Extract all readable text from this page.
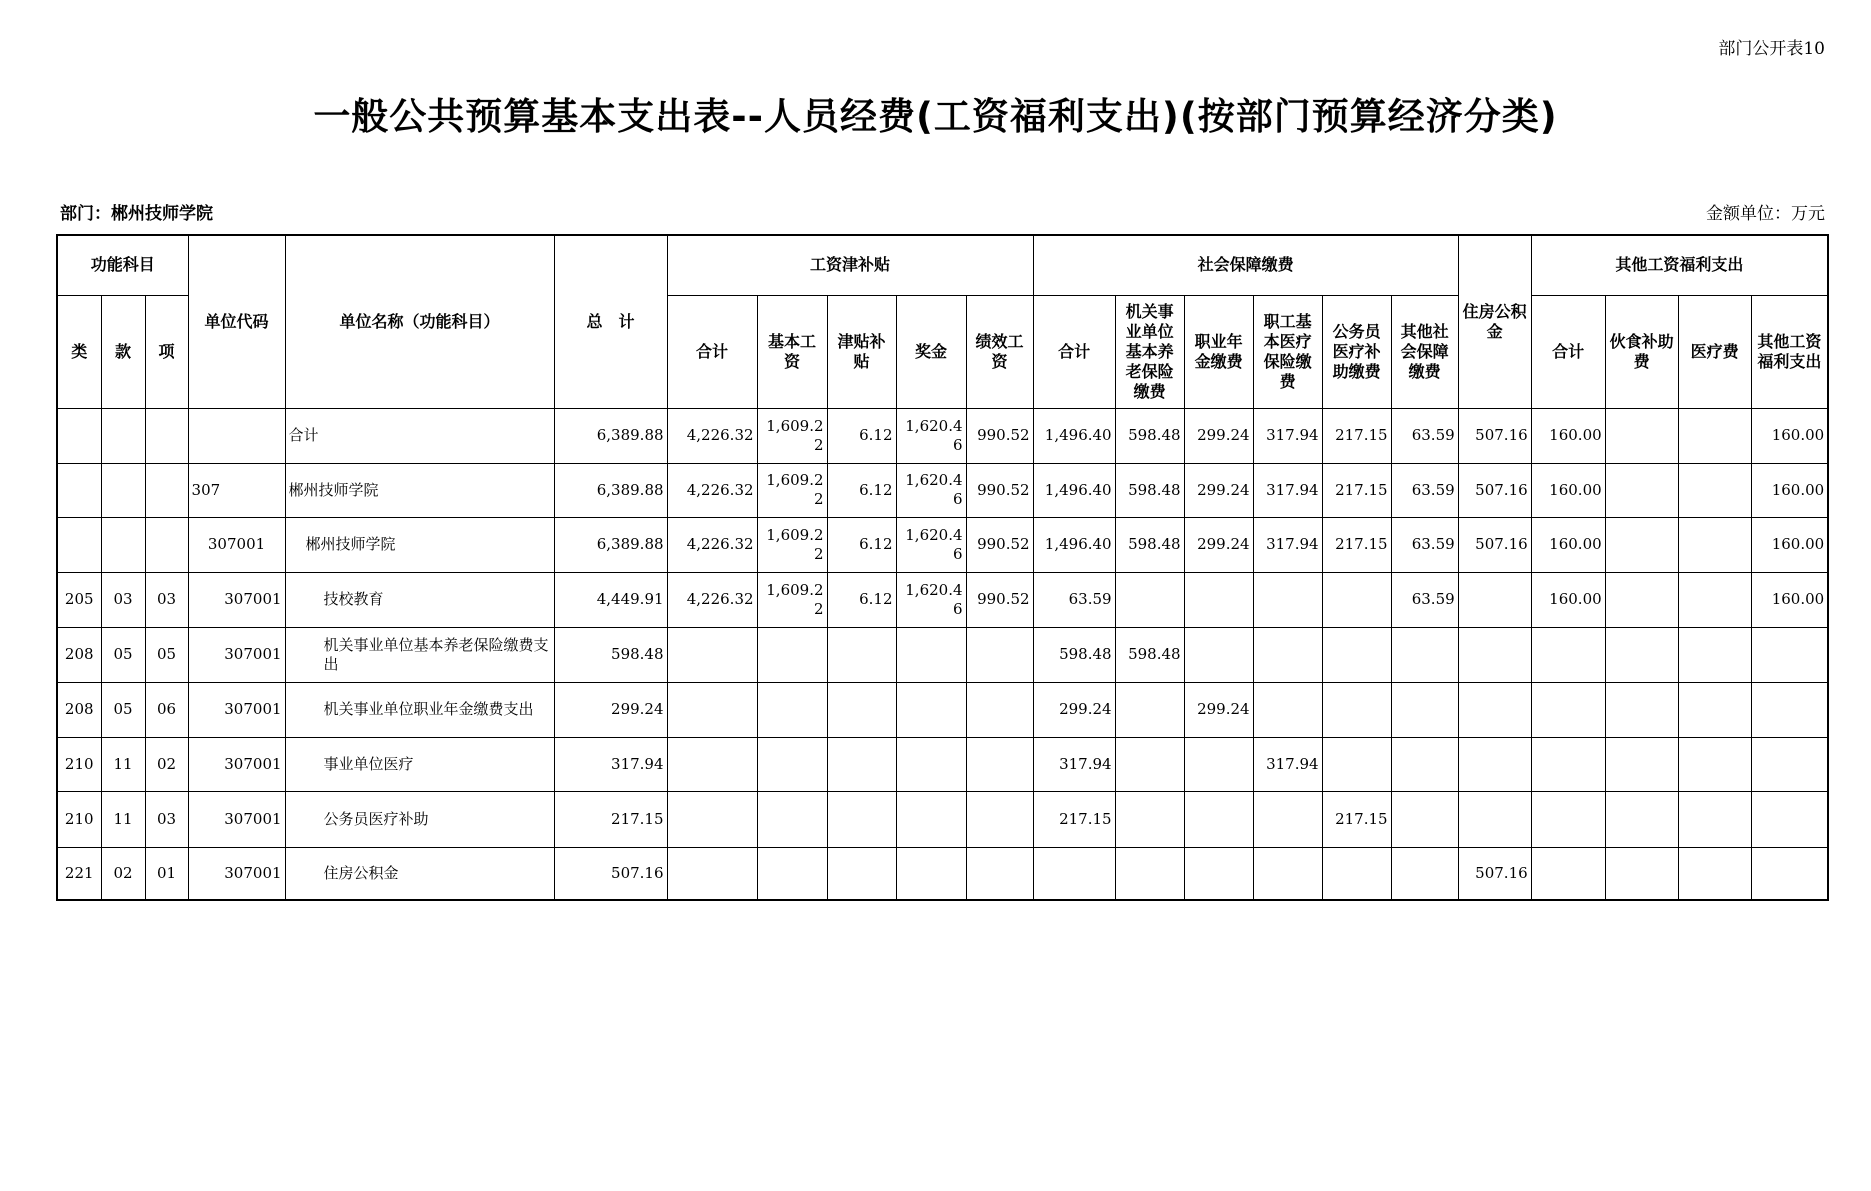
部门公开表10
一般公共预算基本支出表--人员经费(工资福利支出)(按部门预算经济分类)
部门：郴州技师学院	金额单位：万元
功能科目			单位代码	单位名称（功能科目）	总　计	工资津补贴					社会保障缴费						住房公积金	其他工资福利支出			
类	款	项				合计	基本工资	津贴补贴	奖金	绩效工资	合计	机关事业单位基本养老保险缴费	职业年金缴费	职工基本医疗保险缴费	公务员医疗补助缴费	其他社会保障缴费		合计	伙食补助费	医疗费	其他工资福利支出
				合计	6,389.88	4,226.32	1,609.22	6.12	1,620.46	990.52	1,496.40	598.48	299.24	317.94	217.15	63.59	507.16	160.00			160.00
			307	郴州技师学院	6,389.88	4,226.32	1,609.22	6.12	1,620.46	990.52	1,496.40	598.48	299.24	317.94	217.15	63.59	507.16	160.00			160.00
			307001	郴州技师学院	6,389.88	4,226.32	1,609.22	6.12	1,620.46	990.52	1,496.40	598.48	299.24	317.94	217.15	63.59	507.16	160.00			160.00
205	03	03	307001	技校教育	4,449.91	4,226.32	1,609.22	6.12	1,620.46	990.52	63.59					63.59		160.00			160.00
208	05	05	307001	机关事业单位基本养老保险缴费支出	598.48						598.48	598.48									
208	05	06	307001	机关事业单位职业年金缴费支出	299.24						299.24		299.24								
210	11	02	307001	事业单位医疗	317.94						317.94			317.94							
210	11	03	307001	公务员医疗补助	217.15						217.15				217.15						
221	02	01	307001	住房公积金	507.16												507.16				
